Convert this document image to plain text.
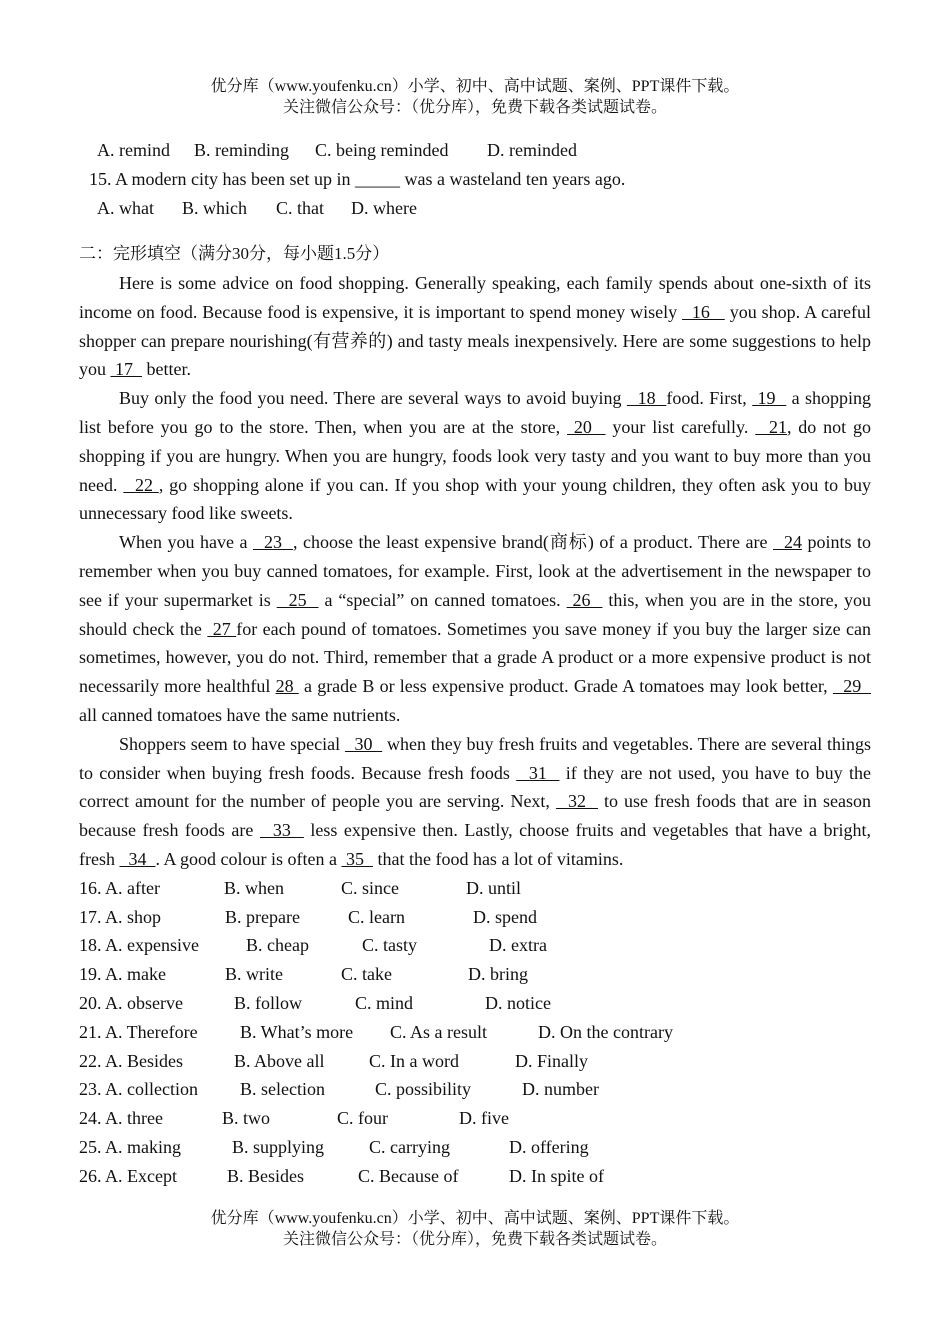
优分库（www.youfenku.cn）小学、初中、高中试题、案例、PPT课件下载。
关注微信公众号：（优分库），免费下载各类试题试卷。
A. remind B. reminding C. being reminded D. reminded
15. A modern city has been set up in _____ was a wasteland ten years ago.
A. what B. which C. that D. where
二：完形填空（满分30分，每小题1.5分）

Here is some advice on food shopping. Generally speaking, each family spends about one-sixth of its income on food. Because food is expensive, it is important to spend money wisely   16    you shop. A careful shopper can prepare nourishing(有营养的) and tasty meals inexpensively. Here are some suggestions to help you  17   better.

Buy only the food you need. There are several ways to avoid buying   18  food. First,  19   a shopping list before you go to the store. Then, when you are at the store,  20   your list carefully.   21, do not go shopping if you are hungry. When you are hungry, foods look very tasty and you want to buy more than you need.   22 , go shopping alone if you can. If you shop with your young children, they often ask you to buy unnecessary food like sweets.

When you have a   23  , choose the least expensive brand(商标) of a product. There are   24 points to remember when you buy canned tomatoes, for example. First, look at the advertisement in the newspaper to see if your supermarket is   25   a “special” on canned tomatoes.  26   this, when you are in the store, you should check the  27 for each pound of tomatoes. Sometimes you save money if you buy the larger size can sometimes, however, you do not. Third, remember that a grade A product or a more expensive product is not necessarily more healthful 28  a grade B or less expensive product. Grade A tomatoes may look better,   29   all canned tomatoes have the same nutrients.

Shoppers seem to have special   30   when they buy fresh fruits and vegetables. There are several things to consider when buying fresh foods. Because fresh foods   31   if they are not used, you have to buy the correct amount for the number of people you are serving. Next,   32   to use fresh foods that are in season because fresh foods are   33   less expensive then. Lastly, choose fruits and vegetables that have a bright, fresh   34  . A good colour is often a  35   that the food has a lot of vitamins.

16. A. after	B. when	C. since	D. until
17. A. shop	B. prepare	C. learn	D. spend
18. A. expensive	B. cheap	C. tasty	D. extra
19. A. make	B. write	C. take	D. bring
20. A. observe	B. follow	C. mind	D. notice
21. A. Therefore B. What’s more C. As a result	D. On the contrary
22. A. Besides	B. Above all C. In a word	D. Finally
23. A. collection B. selection	C. possibility	D. number
24. A. three	B. two	C. four	D. five
25. A. making	B. supplying C. carrying	D. offering
26. A. Except	B. Besides	C. Because of	D. In spite of
优分库（www.youfenku.cn）小学、初中、高中试题、案例、PPT课件下载。
关注微信公众号：（优分库），免费下载各类试题试卷。
